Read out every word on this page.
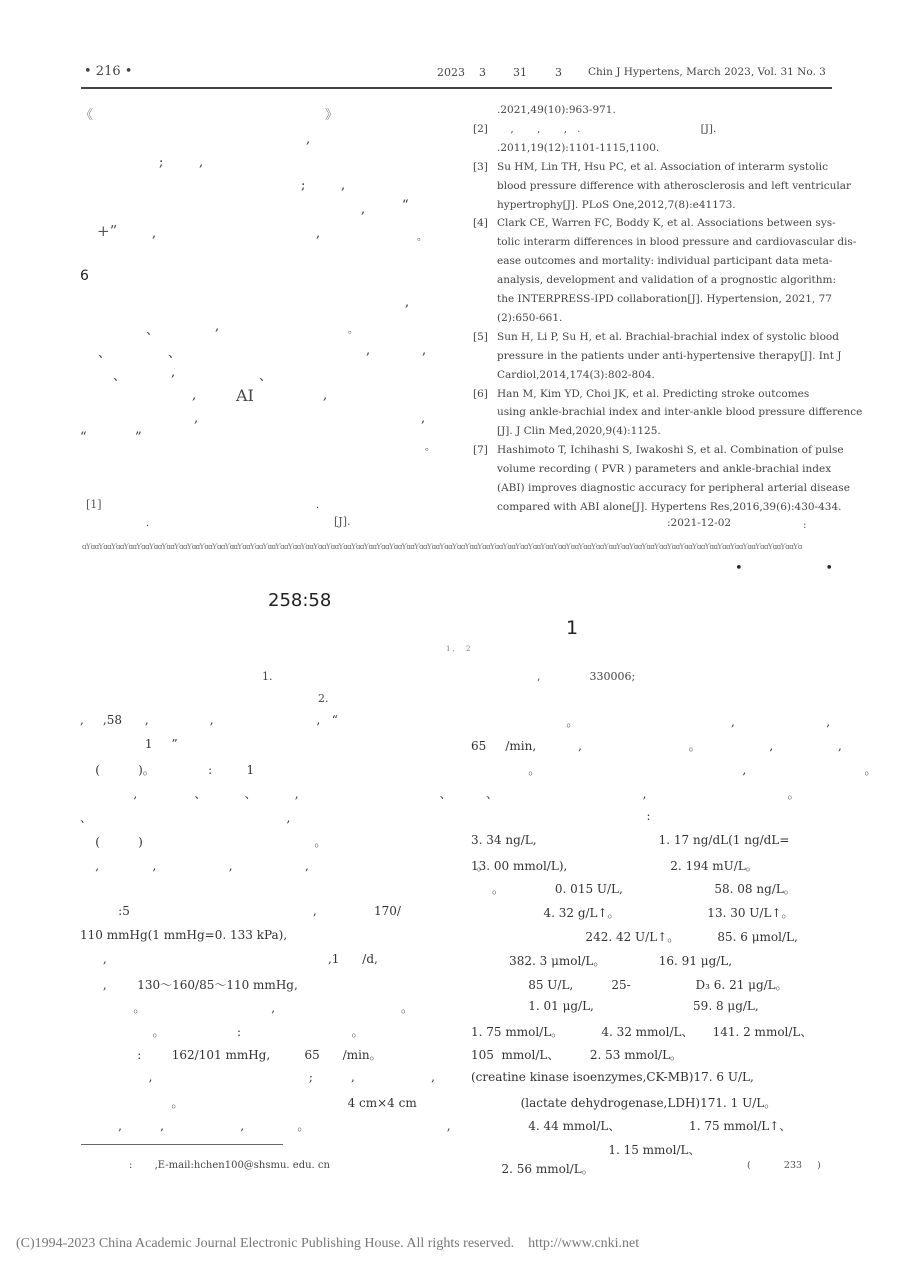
• 216 •	2023 3 31	3 Chin J Hypertens, March 2023, Vol. 31 No. 3
《	》
,
;	,
;	,
,	“
+”	,	,	。
6
,
、	,	。
、	、	,	,
、	,	、
, AI	,
,	,
“	”
。
[1]	.
.	[J].
.2021,49(10):963-971.
[2] ,       ,       ,   .                                    [J].
.2011,19(12):1101-1115,1100.
[3] Su HM, Lin TH, Hsu PC, et al. Association of interarm systolic
blood pressure difference with atherosclerosis and left ventricular
hypertrophy[J]. PLoS One,2012,7(8):e41173.
[4] Clark CE, Warren FC, Boddy K, et al. Associations between sys-
tolic interarm differences in blood pressure and cardiovascular dis-
ease outcomes and mortality: individual participant data meta-
analysis, development and validation of a prognostic algorithm:
the INTERPRESS-IPD collaboration[J]. Hypertension, 2021, 77
(2):650-661.
[5] Sun H, Li P, Su H, et al. Brachial-brachial index of systolic blood
pressure in the patients under anti-hypertensive therapy[J]. Int J
Cardiol,2014,174(3):802-804.
[6] Han M, Kim YD, Choi JK, et al. Predicting stroke outcomes
using ankle-brachial index and inter-ankle blood pressure difference
[J]. J Clin Med,2020,9(4):1125.
[7] Hashimoto T, Ichihashi S, Iwakoshi S, et al. Combination of pulse
volume recording ( PVR ) parameters and ankle-brachial index
(ABI) improves diagnostic accuracy for peripheral arterial disease
compared with ABI alone[J]. Hypertens Res,2016,39(6):430-434.
:2021-12-02	:
ɑƳɑɑƳɑɑƳɑɑƳɑɑƳɑɑƳɑɑƳɑɑƳɑɑƳɑɑƳɑɑƳɑɑƳɑɑƳɑɑƳɑɑƳɑɑƳɑɑƳɑɑƳɑɑƳɑɑƳɑɑƳɑɑƳɑɑƳɑɑƳɑɑƳɑɑƳɑɑƳɑɑƳɑɑƳɑɑƳɑɑƳɑɑƳɑɑƳɑɑƳɑɑƳɑɑƳɑɑƳɑɑƳɑɑƳɑɑƳɑɑƳɑɑƳɑɑƳɑɑƳɑɑƳɑɑƳɑɑƳɑɑƳɑɑƳɑɑƳɑɑƳɑɑƳɑɑƳɑɑƳɑɑƳɑɑƳɑɑƳɑ
•                    •
258:58
1
1 ,     2
1.
2.
,              330006;
,     ,58      ,                ,                           ,   “
1     ”
(          )。              :         1
,               、          、          ,                                     、         、
、                                                   ,
(          )                                             。
,              ,                   ,                   ,                                            。
。
:5                                                ,               170/
110 mmHg(1 mmHg=0. 133 kPa),
,                                                          ,1      /d,
,        130～160/85～110 mmHg,
。                                 ,                                 。
。                   :                             。
:        162/101 mmHg,         65      /min。
,                                         ;          ,                    ,
。                                           4 cm×4 cm
,          ,                    ,              。                                    ,
:       ,E-mail:hchen100@shsmu. edu. cn
。                                        ,                        ,
65     /min,           ,                            。                  ,                 ,
。                                                     ,                               。
,                                     。
:
3. 34 ng/L,                                1. 17 ng/dL(1 ng/dL=
13. 00 mmol/L),                           2. 194 mU/L。
0. 015 U/L,                        58. 08 ng/L。
4. 32 g/L↑。                       13. 30 U/L↑。
242. 42 U/L↑。          85. 6 μmol/L,
382. 3 μmol/L。              16. 91 μg/L,
85 U/L,          25-                 D₃ 6. 21 μg/L。
1. 01 μg/L,                          59. 8 μg/L,
1. 75 mmol/L。          4. 32 mmol/L、     141. 2 mmol/L、
105  mmol/L、        2. 53 mmol/L。
(creatine kinase isoenzymes,CK-MB)17. 6 U/L,
(lactate dehydrogenase,LDH)171. 1 U/L。
4. 44 mmol/L、                  1. 75 mmol/L↑、
1. 15 mmol/L、
2. 56 mmol/L。	(           233     )
(C)1994-2023 China Academic Journal Electronic Publishing House. All rights reserved.    http://www.cnki.net
